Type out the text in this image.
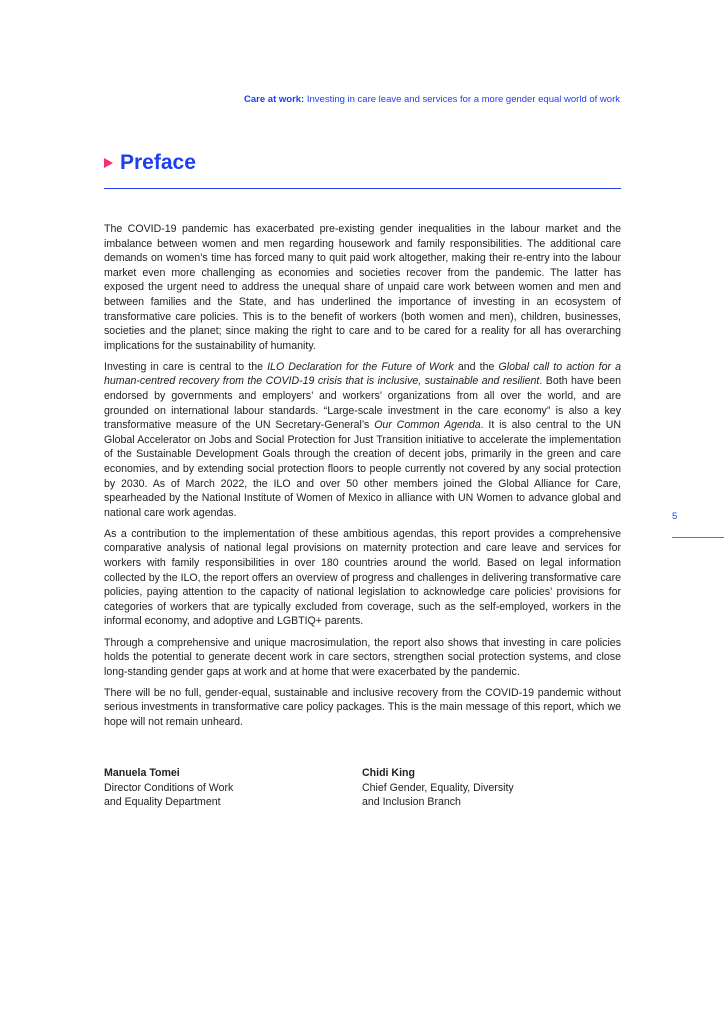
Care at work: Investing in care leave and services for a more gender equal world of work
Preface

The COVID-19 pandemic has exacerbated pre-existing gender inequalities in the labour market and the imbalance between women and men regarding housework and family responsibilities. The additional care demands on women’s time has forced many to quit paid work altogether, making their re-entry into the labour market even more challenging as economies and societies recover from the pandemic. The latter has exposed the urgent need to address the unequal share of unpaid care work between women and men and between families and the State, and has underlined the importance of investing in an ecosystem of transformative care policies. This is to the benefit of workers (both women and men), children, businesses, societies and the planet; since making the right to care and to be cared for a reality for all has overarching implications for the sustainability of humanity.

Investing in care is central to the ILO Declaration for the Future of Work and the Global call to action for a human-centred recovery from the COVID-19 crisis that is inclusive, sustainable and resilient. Both have been endorsed by governments and employers’ and workers’ organizations from all over the world, and are grounded on international labour standards. “Large-scale investment in the care economy” is also a key transformative measure of the UN Secretary-General’s Our Common Agenda. It is also central to the UN Global Accelerator on Jobs and Social Protection for Just Transition initiative to accelerate the implementation of the Sustainable Development Goals through the creation of decent jobs, primarily in the green and care economies, and by extending social protection floors to people currently not covered by any social protection by 2030. As of March 2022, the ILO and over 50 other members joined the Global Alliance for Care, spearheaded by the National Institute of Women of Mexico in alliance with UN Women to advance global and national care work agendas.

As a contribution to the implementation of these ambitious agendas, this report provides a comprehensive comparative analysis of national legal provisions on maternity protection and care leave and services for workers with family responsibilities in over 180 countries around the world. Based on legal information collected by the ILO, the report offers an overview of progress and challenges in delivering transformative care policies, paying attention to the capacity of national legislation to acknowledge care policies’ provisions for categories of workers that are typically excluded from coverage, such as the self-employed, workers in the informal economy, and adoptive and LGBTIQ+ parents.

Through a comprehensive and unique macrosimulation, the report also shows that investing in care policies holds the potential to generate decent work in care sectors, strengthen social protection systems, and close long-standing gender gaps at work and at home that were exacerbated by the pandemic.

There will be no full, gender-equal, sustainable and inclusive recovery from the COVID-19 pandemic without serious investments in transformative care policy packages. This is the main message of this report, which we hope will not remain unheard.

5
Manuela Tomei
Director Conditions of Work
and Equality Department
Chidi King
Chief Gender, Equality, Diversity
and Inclusion Branch
